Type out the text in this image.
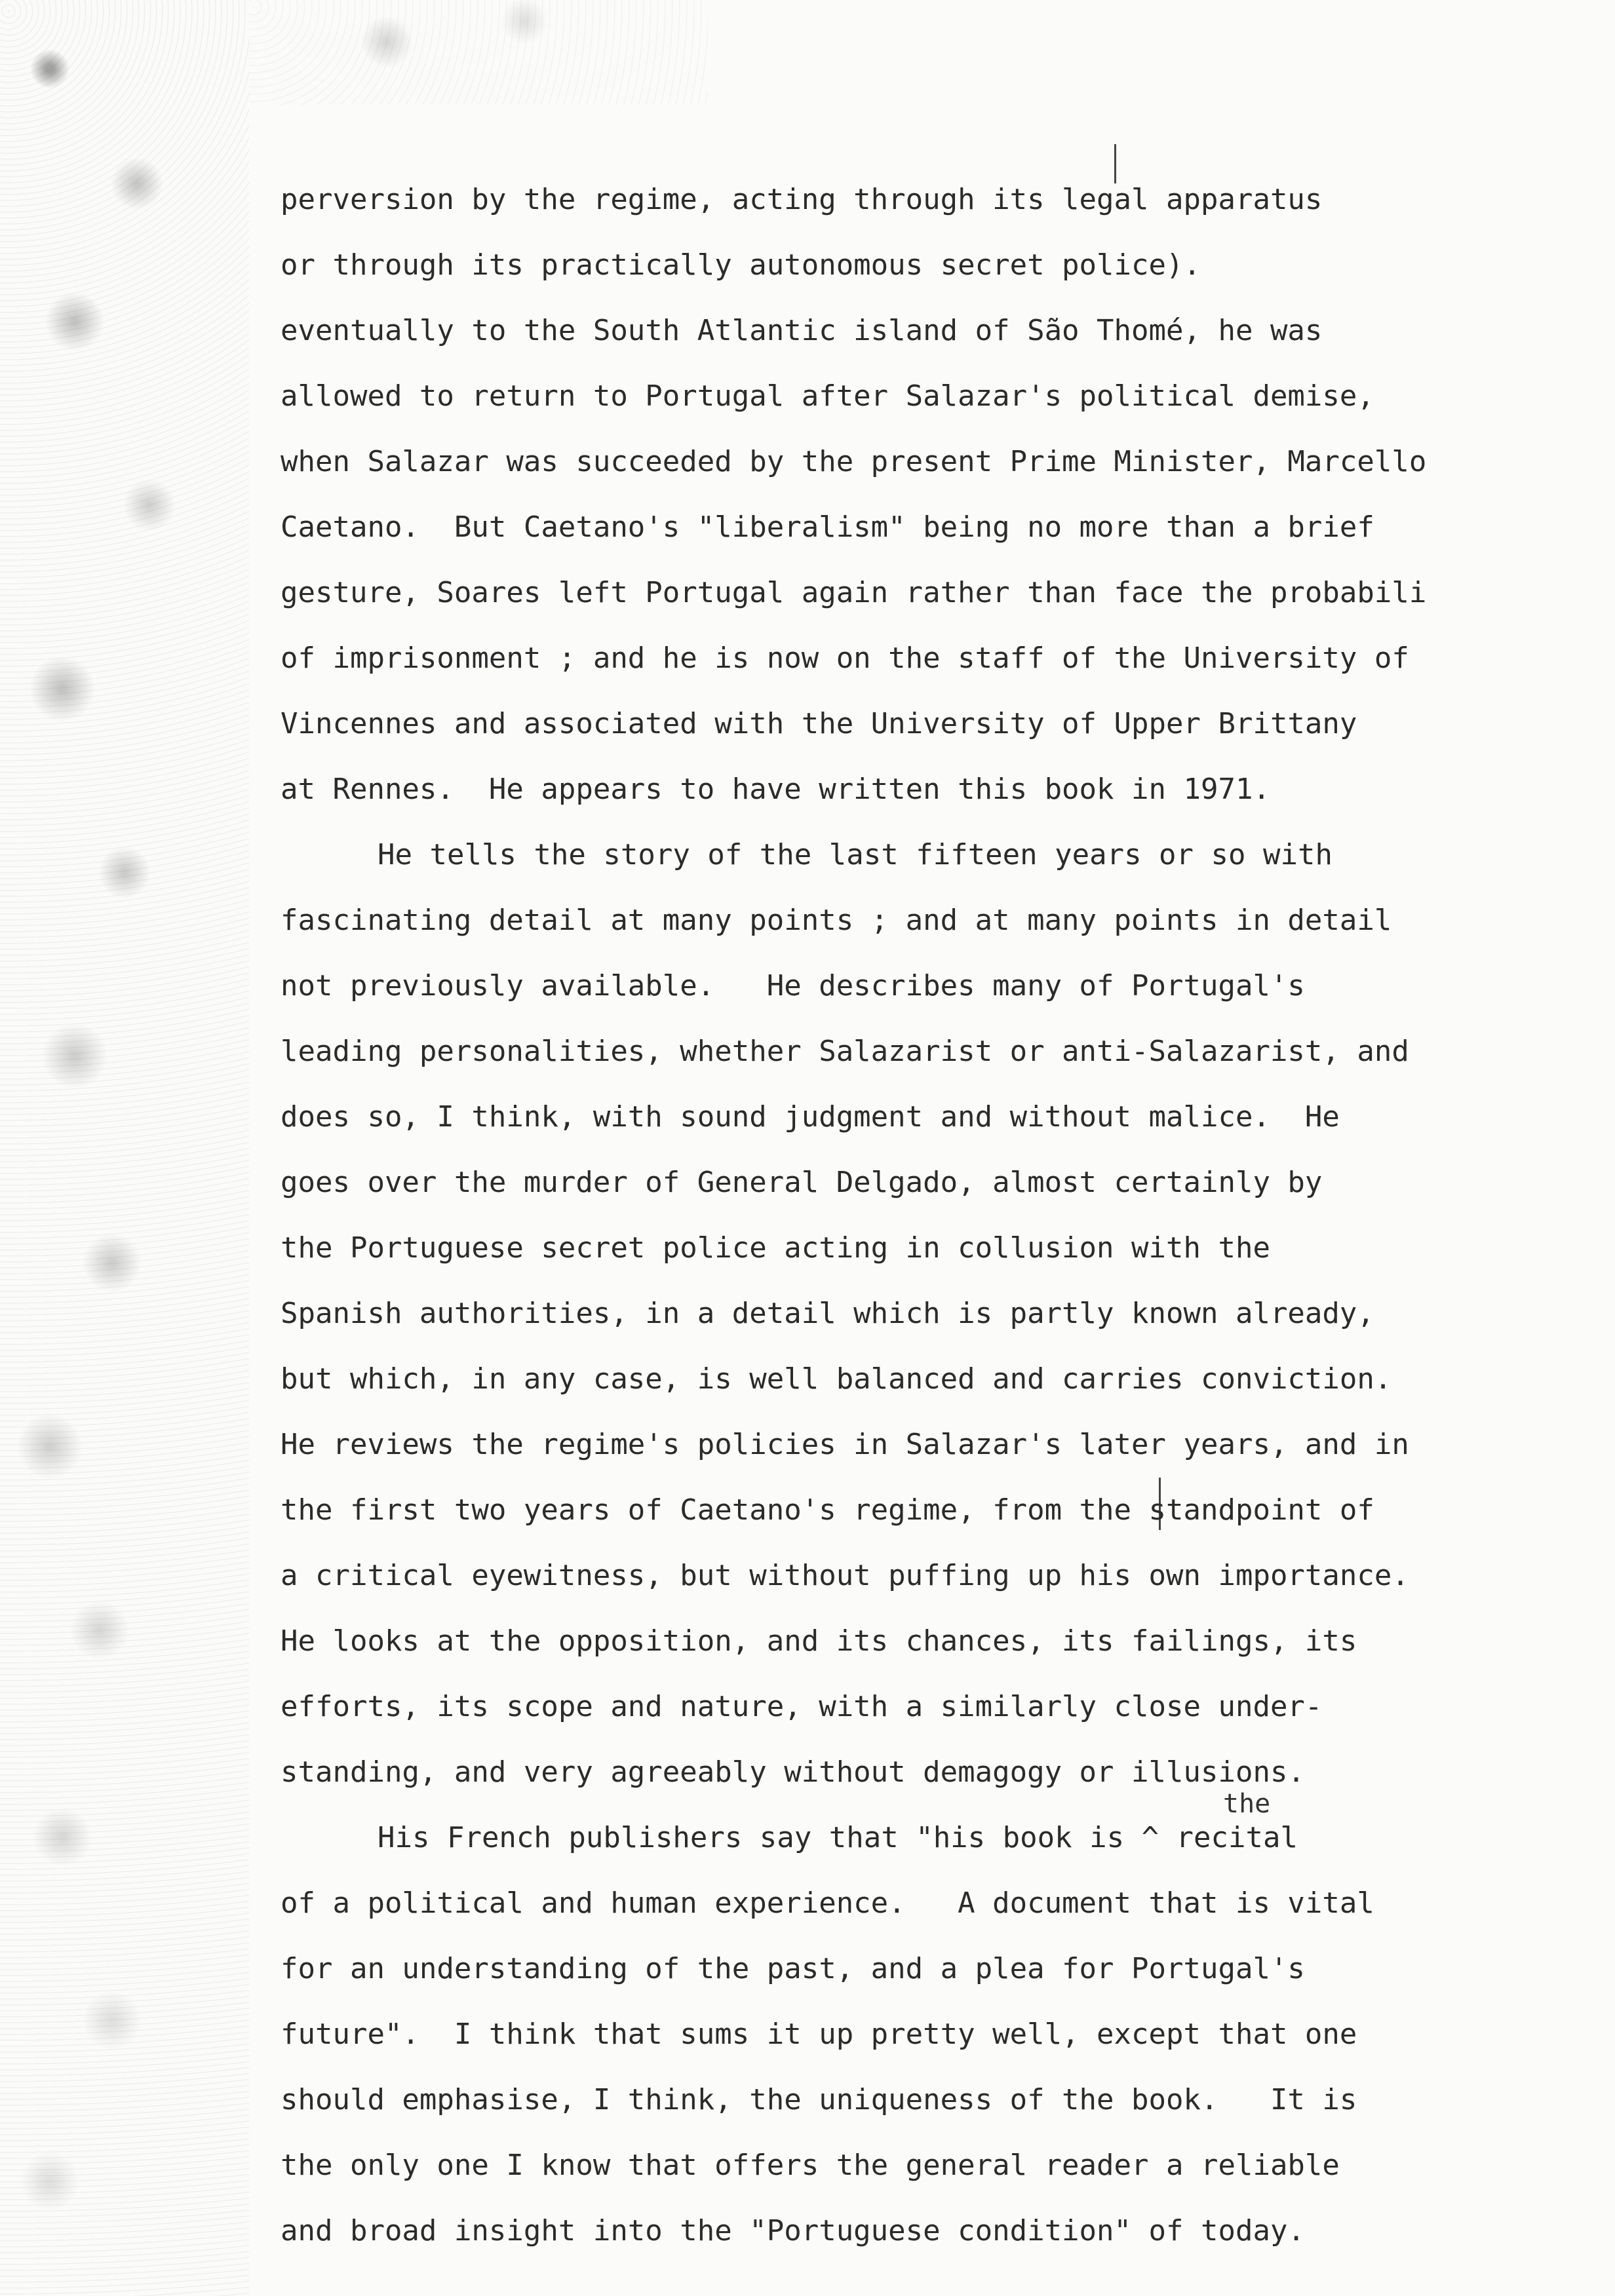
perversion by the regime, acting through its legal apparatus
or through its practically autonomous secret police).
eventually to the South Atlantic island of São Thomé, he was
allowed to return to Portugal after Salazar's political demise,
when Salazar was succeeded by the present Prime Minister, Marcello
Caetano.  But Caetano's "liberalism" being no more than a brief
gesture, Soares left Portugal again rather than face the probabili
of imprisonment ; and he is now on the staff of the University of
Vincennes and associated with the University of Upper Brittany
at Rennes.  He appears to have written this book in 1971.
He tells the story of the last fifteen years or so with
fascinating detail at many points ; and at many points in detail
not previously available.   He describes many of Portugal's
leading personalities, whether Salazarist or anti-Salazarist, and
does so, I think, with sound judgment and without malice.  He
goes over the murder of General Delgado, almost certainly by
the Portuguese secret police acting in collusion with the
Spanish authorities, in a detail which is partly known already,
but which, in any case, is well balanced and carries conviction.
He reviews the regime's policies in Salazar's later years, and in
the first two years of Caetano's regime, from the standpoint of
a critical eyewitness, but without puffing up his own importance.
He looks at the opposition, and its chances, its failings, its
efforts, its scope and nature, with a similarly close under-
standing, and very agreeably without demagogy or illusions.
His French publishers say that "his book is ^ recital
of a political and human experience.   A document that is vital
for an understanding of the past, and a plea for Portugal's
future".  I think that sums it up pretty well, except that one
should emphasise, I think, the uniqueness of the book.   It is
the only one I know that offers the general reader a reliable
and broad insight into the "Portuguese condition" of today.
the
